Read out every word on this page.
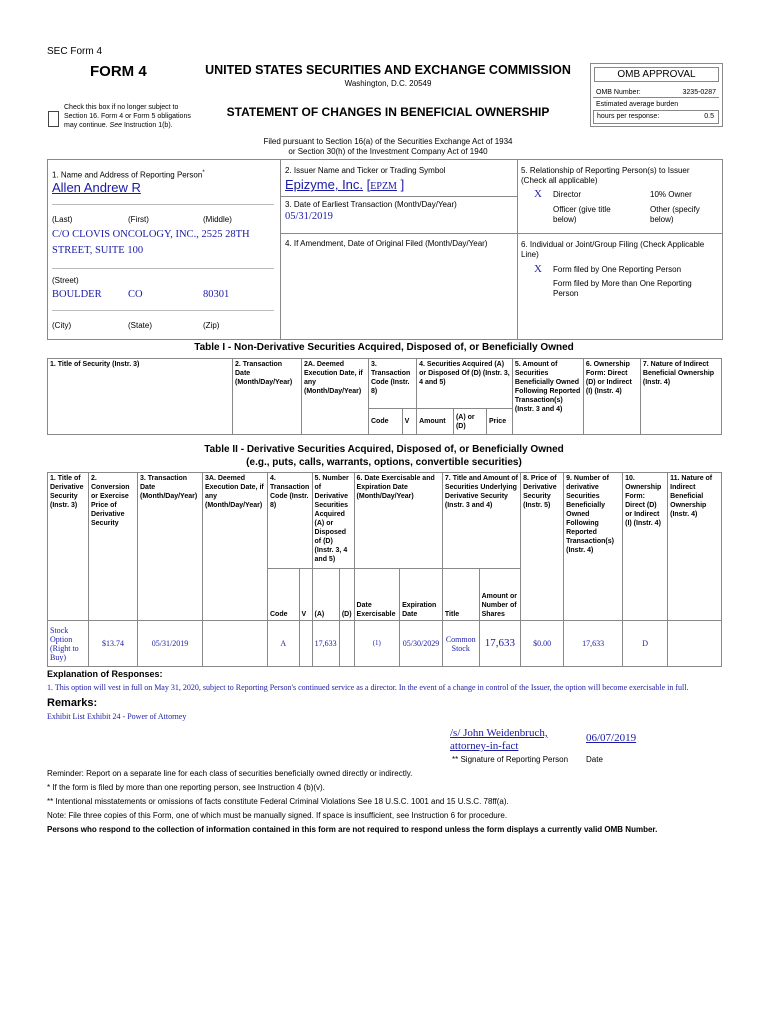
SEC Form 4
FORM 4	UNITED STATES SECURITIES AND EXCHANGE COMMISSION
Washington, D.C. 20549
Check this box if no longer subject to Section 16. Form 4 or Form 5 obligations may continue. See Instruction 1(b).
STATEMENT OF CHANGES IN BENEFICIAL OWNERSHIP
Filed pursuant to Section 16(a) of the Securities Exchange Act of 1934
or Section 30(h) of the Investment Company Act of 1940
OMB APPROVAL
OMB Number:	3235-0287
Estimated average burden
hours per response:	0.5
1. Name and Address of Reporting Person*
Allen Andrew R
(Last)	(First)	(Middle)
C/O CLOVIS ONCOLOGY, INC., 2525 28TH
STREET, SUITE 100
(Street)
BOULDER	CO	80301
(City)	(State)	(Zip)
2. Issuer Name and Ticker or Trading Symbol
Epizyme, Inc. [EPZM ]
3. Date of Earliest Transaction (Month/Day/Year)
05/31/2019
4. If Amendment, Date of Original Filed (Month/Day/Year)
5. Relationship of Reporting Person(s) to Issuer
(Check all applicable)
X Director	10% Owner
Officer (give title below)
Other (specify below)
6. Individual or Joint/Group Filing (Check Applicable Line)
X Form filed by One Reporting Person
Form filed by More than One Reporting Person
Table I - Non-Derivative Securities Acquired, Disposed of, or Beneficially Owned
1. Title of Security (Instr. 3)	2. Transaction Date (Month/Day/Year)	2A. Deemed Execution Date, if any (Month/Day/Year)	3. Transaction Code (Instr. 8)		4. Securities Acquired (A) or Disposed Of (D) (Instr. 3, 4 and 5)			5. Amount of Securities Beneficially Owned Following Reported Transaction(s) (Instr. 3 and 4)	6. Ownership Form: Direct (D) or Indirect (I) (Instr. 4)	7. Nature of Indirect Beneficial Ownership (Instr. 4)
			Code	V	Amount	(A) or (D)	Price			
Table II - Derivative Securities Acquired, Disposed of, or Beneficially Owned
(e.g., puts, calls, warrants, options, convertible securities)
1. Title of Derivative Security (Instr. 3)	2. Conversion or Exercise Price of Derivative Security	3. Transaction Date (Month/Day/Year)	3A. Deemed Execution Date, if any (Month/Day/Year)	4. Transaction Code (Instr. 8)		5. Number of Derivative Securities Acquired (A) or Disposed of (D) (Instr. 3, 4 and 5)		6. Date Exercisable and Expiration Date (Month/Day/Year)		7. Title and Amount of Securities Underlying Derivative Security (Instr. 3 and 4)		8. Price of Derivative Security (Instr. 5)	9. Number of derivative Securities Beneficially Owned Following Reported Transaction(s) (Instr. 4)	10. Ownership Form: Direct (D) or Indirect (I) (Instr. 4)	11. Nature of Indirect Beneficial Ownership (Instr. 4)
				Code	V	(A)	(D)	Date Exercisable	Expiration Date	Title	Amount or Number of Shares				
Stock Option (Right to Buy)	$13.74	05/31/2019		A		17,633		(1)	05/30/2029	Common Stock	17,633	$0.00	17,633	D	
Explanation of Responses:
1. This option will vest in full on May 31, 2020, subject to Reporting Person's continued service as a director. In the event of a change in control of the Issuer, the option will become exercisable in full.
Remarks:
Exhibit List Exhibit 24 - Power of Attorney
/s/ John Weidenbruch, attorney-in-fact
06/07/2019
** Signature of Reporting Person Date
Reminder: Report on a separate line for each class of securities beneficially owned directly or indirectly.
* If the form is filed by more than one reporting person, see Instruction 4 (b)(v).
** Intentional misstatements or omissions of facts constitute Federal Criminal Violations See 18 U.S.C. 1001 and 15 U.S.C. 78ff(a).
Note: File three copies of this Form, one of which must be manually signed. If space is insufficient, see Instruction 6 for procedure.
Persons who respond to the collection of information contained in this form are not required to respond unless the form displays a currently valid OMB Number.
